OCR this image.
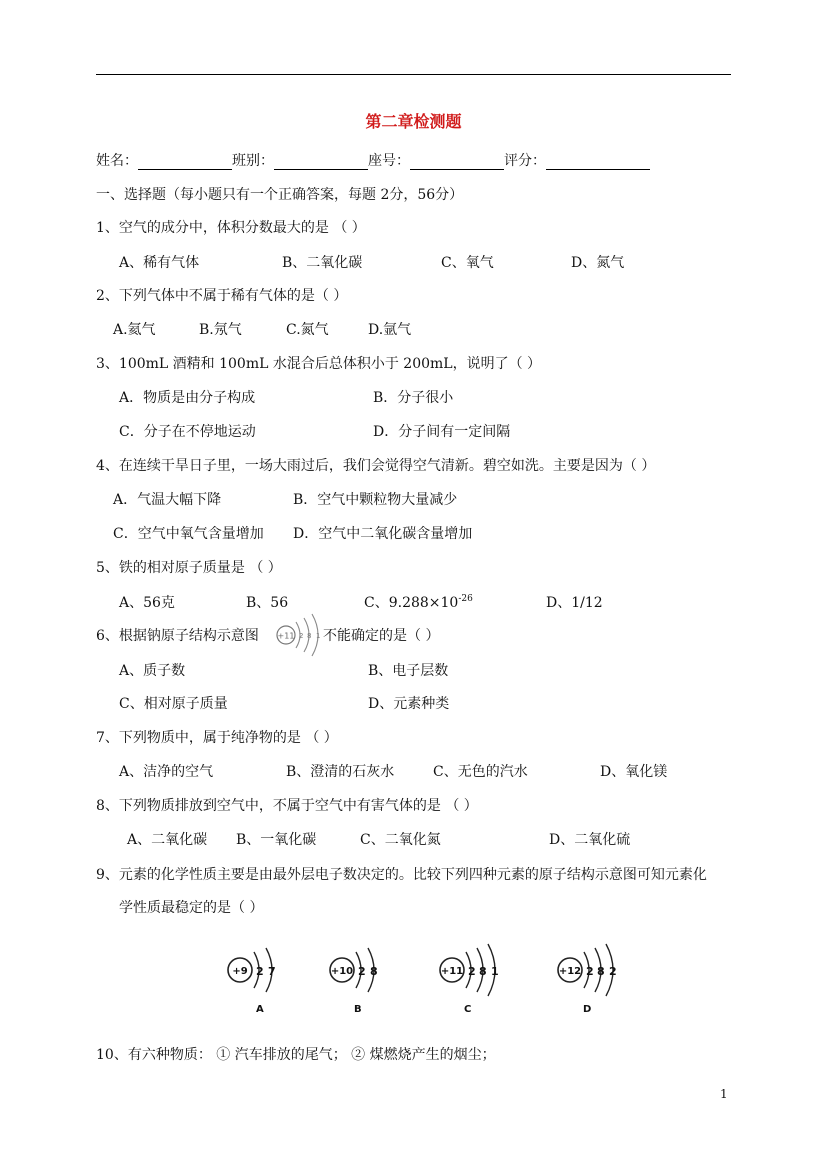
第二章检测题
姓名：	班别：	座号：	评分：
一、选择题（每小题只有一个正确答案，每题 2分，56分）
1、空气的成分中，体积分数最大的是 （ ）
A、稀有气体	B、二氧化碳	C、氧气	D、氮气
2、下列气体中不属于稀有气体的是（ ）
A.氦气	B.氖气	C.氮气	D.氩气
3、100mL 酒精和 100mL 水混合后总体积小于 200mL，说明了（ ）
A．物质是由分子构成	B．分子很小
C．分子在不停地运动	D．分子间有一定间隔
4、在连续干旱日子里，一场大雨过后，我们会觉得空气清新。碧空如洗。主要是因为（ ）
A．气温大幅下降	B．空气中颗粒物大量减少
C．空气中氧气含量增加 D．空气中二氧化碳含量增加
5、铁的相对原子质量是 （ ）
A、56克	B、56	C、$9.288\times 10^{-26}$	D、1/12
6、根据钠原子结构示意图 +11 2 8 1 不能确定的是（ ）
A、质子数	B、电子层数
C、相对原子质量	D、元素种类
7、下列物质中，属于纯净物的是 （ ）
A、洁净的空气	B、澄清的石灰水	C、无色的汽水	D、氧化镁
8、下列物质排放到空气中，不属于空气中有害气体的是 （ ）
A、二氧化碳 B、一氧化碳	C、二氧化氮	D、二氧化硫
9、元素的化学性质主要是由最外层电子数决定的。比较下列四种元素的原子结构示意图可知元素化
学性质最稳定的是（ ）
+9 2 7
A
+10 2 8
B
+11 2 8 1
C
+12 2 8 2
D
10、有六种物质： ① 汽车排放的尾气； ② 煤燃烧产生的烟尘；
1
